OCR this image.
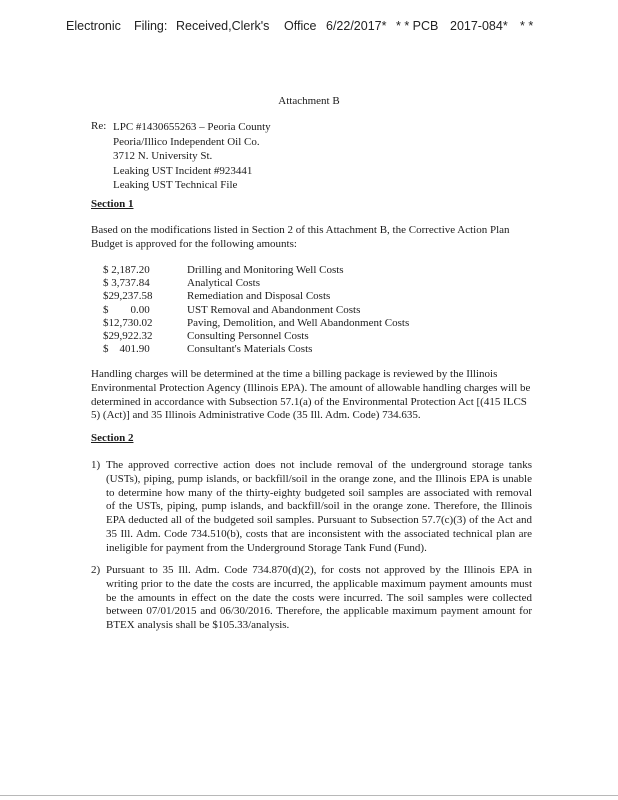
Electronic Filing: Received,Clerk's Office 6/22/2017* * * PCB 2017-084* * *
Attachment B
Re: LPC #1430655263 – Peoria County
Peoria/Illico Independent Oil Co.
3712 N. University St.
Leaking UST Incident #923441
Leaking UST Technical File
Section 1
Based on the modifications listed in Section 2 of this Attachment B, the Corrective Action Plan Budget is approved for the following amounts:
$ 2,187.20	Drilling and Monitoring Well Costs
$ 3,737.84	Analytical Costs
$29,237.58	Remediation and Disposal Costs
$        0.00	UST Removal and Abandonment Costs
$12,730.02	Paving, Demolition, and Well Abandonment Costs
$29,922.32	Consulting Personnel Costs
$    401.90	Consultant's Materials Costs
Handling charges will be determined at the time a billing package is reviewed by the Illinois Environmental Protection Agency (Illinois EPA). The amount of allowable handling charges will be determined in accordance with Subsection 57.1(a) of the Environmental Protection Act [(415 ILCS 5) (Act)] and 35 Illinois Administrative Code (35 Ill. Adm. Code) 734.635.
Section 2
1) The approved corrective action does not include removal of the underground storage tanks (USTs), piping, pump islands, or backfill/soil in the orange zone, and the Illinois EPA is unable to determine how many of the thirty-eighty budgeted soil samples are associated with removal of the USTs, piping, pump islands, and backfill/soil in the orange zone. Therefore, the Illinois EPA deducted all of the budgeted soil samples. Pursuant to Subsection 57.7(c)(3) of the Act and 35 Ill. Adm. Code 734.510(b), costs that are inconsistent with the associated technical plan are ineligible for payment from the Underground Storage Tank Fund (Fund).
2) Pursuant to 35 Ill. Adm. Code 734.870(d)(2), for costs not approved by the Illinois EPA in writing prior to the date the costs are incurred, the applicable maximum payment amounts must be the amounts in effect on the date the costs were incurred. The soil samples were collected between 07/01/2015 and 06/30/2016. Therefore, the applicable maximum payment amount for BTEX analysis shall be $105.33/analysis.
